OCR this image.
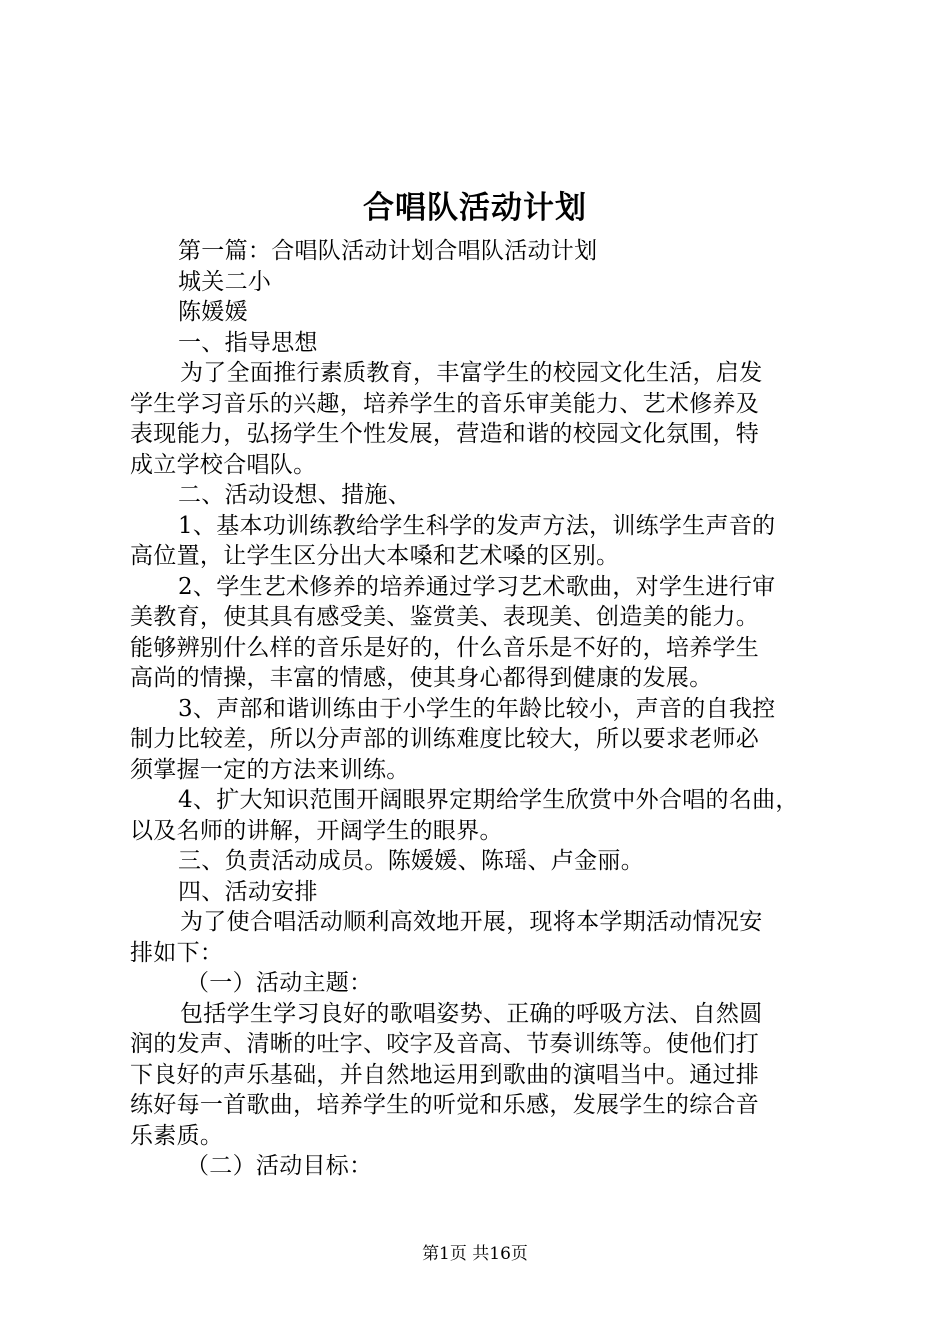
合唱队活动计划

第一篇：合唱队活动计划合唱队活动计划

城关二小

陈媛媛

一、指导思想

为了全面推行素质教育，丰富学生的校园文化生活，启发

学生学习音乐的兴趣，培养学生的音乐审美能力、艺术修养及

表现能力，弘扬学生个性发展，营造和谐的校园文化氛围，特

成立学校合唱队。

二、活动设想、措施、

1、基本功训练教给学生科学的发声方法，训练学生声音的

高位置，让学生区分出大本嗓和艺术嗓的区别。

2、学生艺术修养的培养通过学习艺术歌曲，对学生进行审

美教育，使其具有感受美、鉴赏美、表现美、创造美的能力。

能够辨别什么样的音乐是好的，什么音乐是不好的，培养学生

高尚的情操，丰富的情感，使其身心都得到健康的发展。

3、声部和谐训练由于小学生的年龄比较小，声音的自我控

制力比较差，所以分声部的训练难度比较大，所以要求老师必

须掌握一定的方法来训练。

4、扩大知识范围开阔眼界定期给学生欣赏中外合唱的名曲，

以及名师的讲解，开阔学生的眼界。

三、负责活动成员。陈媛媛、陈瑶、卢金丽。

四、活动安排

为了使合唱活动顺利高效地开展，现将本学期活动情况安

排如下：

（一）活动主题：

包括学生学习良好的歌唱姿势、正确的呼吸方法、自然圆

润的发声、清晰的吐字、咬字及音高、节奏训练等。使他们打

下良好的声乐基础，并自然地运用到歌曲的演唱当中。通过排

练好每一首歌曲，培养学生的听觉和乐感，发展学生的综合音

乐素质。

（二）活动目标：

第1页 共16页
